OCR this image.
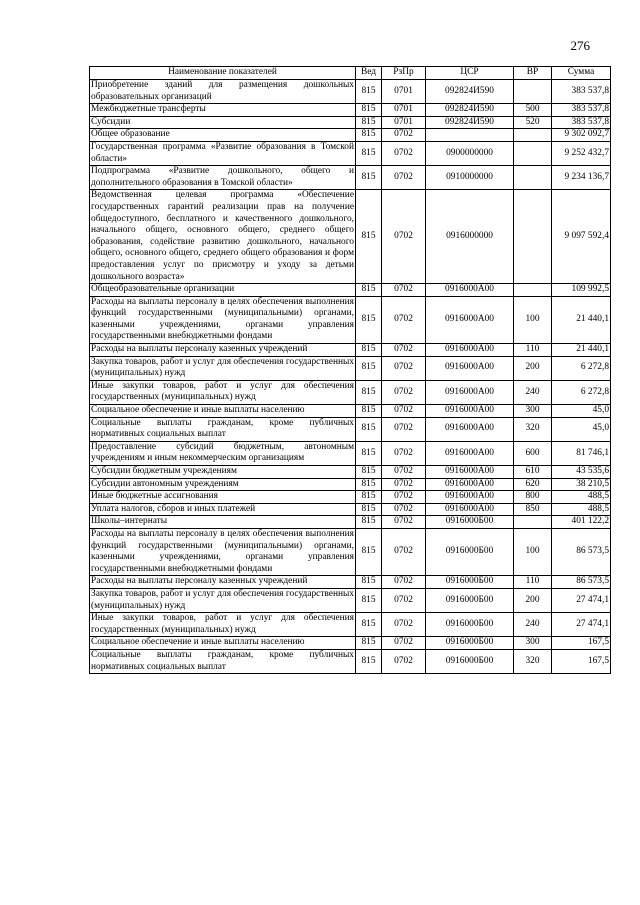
276
Наименование показателей	Вед	РзПр	ЦСР	ВР	Сумма
Приобретение зданий для размещения дошкольных образовательных организаций	815	0701	092824И590		383 537,8
Межбюджетные трансферты	815	0701	092824И590	500	383 537,8
Субсидии	815	0701	092824И590	520	383 537,8
Общее образование	815	0702			9 302 092,7
Государственная программа «Развитие образования в Томской области»	815	0702	0900000000		9 252 432,7
Подпрограмма «Развитие дошкольного, общего и дополнительного образования в Томской области»	815	0702	0910000000		9 234 136,7
Ведомственная целевая программа «Обеспечение государственных гарантий реализации прав на получение общедоступного, бесплатного и качественного дошкольного, начального общего, основного общего, среднего общего образования, содействие развитию дошкольного, начального общего, основного общего, среднего общего образования и форм предоставления услуг по присмотру и уходу за детьми дошкольного возраста»	815	0702	0916000000		9 097 592,4
Общеобразовательные организации	815	0702	0916000А00		109 992,5
Расходы на выплаты персоналу в целях обеспечения выполнения функций государственными (муниципальными) органами, казенными учреждениями, органами управления государственными внебюджетными фондами	815	0702	0916000А00	100	21 440,1
Расходы на выплаты персоналу казенных учреждений	815	0702	0916000А00	110	21 440,1
Закупка товаров, работ и услуг для обеспечения государственных (муниципальных) нужд	815	0702	0916000А00	200	6 272,8
Иные закупки товаров, работ и услуг для обеспечения государственных (муниципальных) нужд	815	0702	0916000А00	240	6 272,8
Социальное обеспечение и иные выплаты населению	815	0702	0916000А00	300	45,0
Социальные выплаты гражданам, кроме публичных нормативных социальных выплат	815	0702	0916000А00	320	45,0
Предоставление субсидий бюджетным, автономным учреждениям и иным некоммерческим организациям	815	0702	0916000А00	600	81 746,1
Субсидии бюджетным учреждениям	815	0702	0916000А00	610	43 535,6
Субсидии автономным учреждениям	815	0702	0916000А00	620	38 210,5
Иные бюджетные ассигнования	815	0702	0916000А00	800	488,5
Уплата налогов, сборов и иных платежей	815	0702	0916000А00	850	488,5
Школы–интернаты	815	0702	0916000Б00		401 122,2
Расходы на выплаты персоналу в целях обеспечения выполнения функций государственными (муниципальными) органами, казенными учреждениями, органами управления государственными внебюджетными фондами	815	0702	0916000Б00	100	86 573,5
Расходы на выплаты персоналу казенных учреждений	815	0702	0916000Б00	110	86 573,5
Закупка товаров, работ и услуг для обеспечения государственных (муниципальных) нужд	815	0702	0916000Б00	200	27 474,1
Иные закупки товаров, работ и услуг для обеспечения государственных (муниципальных) нужд	815	0702	0916000Б00	240	27 474,1
Социальное обеспечение и иные выплаты населению	815	0702	0916000Б00	300	167,5
Социальные выплаты гражданам, кроме публичных нормативных социальных выплат	815	0702	0916000Б00	320	167,5
